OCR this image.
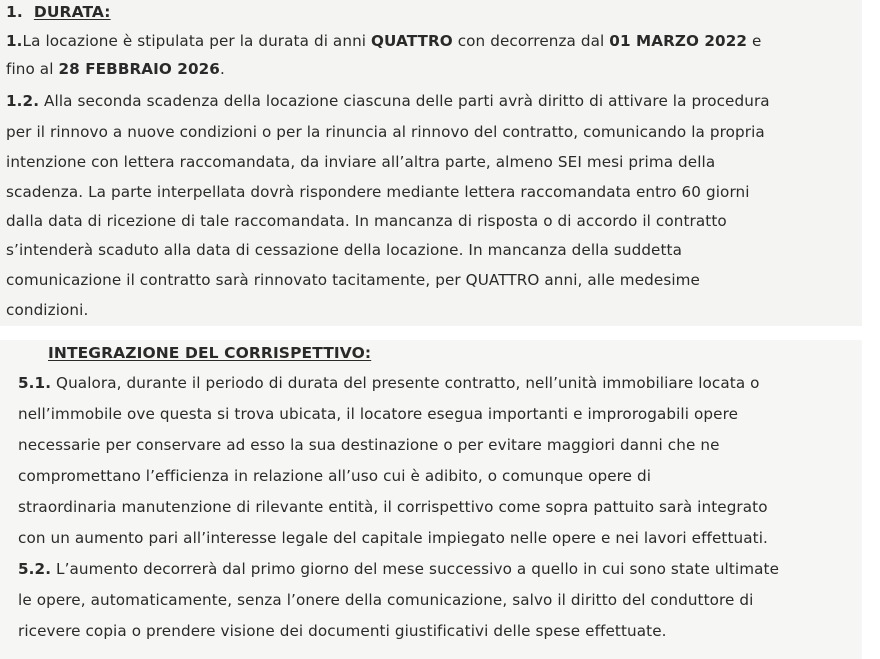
1. DURATA:
1.La locazione è stipulata per la durata di anni QUATTRO con decorrenza dal 01 MARZO 2022 e
fino al 28 FEBBRAIO 2026.
1.2. Alla seconda scadenza della locazione ciascuna delle parti avrà diritto di attivare la procedura
per il rinnovo a nuove condizioni o per la rinuncia al rinnovo del contratto, comunicando la propria
intenzione con lettera raccomandata, da inviare all’altra parte, almeno SEI mesi prima della
scadenza. La parte interpellata dovrà rispondere mediante lettera raccomandata entro 60 giorni
dalla data di ricezione di tale raccomandata. In mancanza di risposta o di accordo il contratto
s’intenderà scaduto alla data di cessazione della locazione. In mancanza della suddetta
comunicazione il contratto sarà rinnovato tacitamente, per QUATTRO anni, alle medesime
condizioni.
INTEGRAZIONE DEL CORRISPETTIVO:
5.1. Qualora, durante il periodo di durata del presente contratto, nell’unità immobiliare locata o
nell’immobile ove questa si trova ubicata, il locatore esegua importanti e improrogabili opere
necessarie per conservare ad esso la sua destinazione o per evitare maggiori danni che ne
compromettano l’efficienza in relazione all’uso cui è adibito, o comunque opere di
straordinaria manutenzione di rilevante entità, il corrispettivo come sopra pattuito sarà integrato
con un aumento pari all’interesse legale del capitale impiegato nelle opere e nei lavori effettuati.
5.2. L’aumento decorrerà dal primo giorno del mese successivo a quello in cui sono state ultimate
le opere, automaticamente, senza l’onere della comunicazione, salvo il diritto del conduttore di
ricevere copia o prendere visione dei documenti giustificativi delle spese effettuate.
